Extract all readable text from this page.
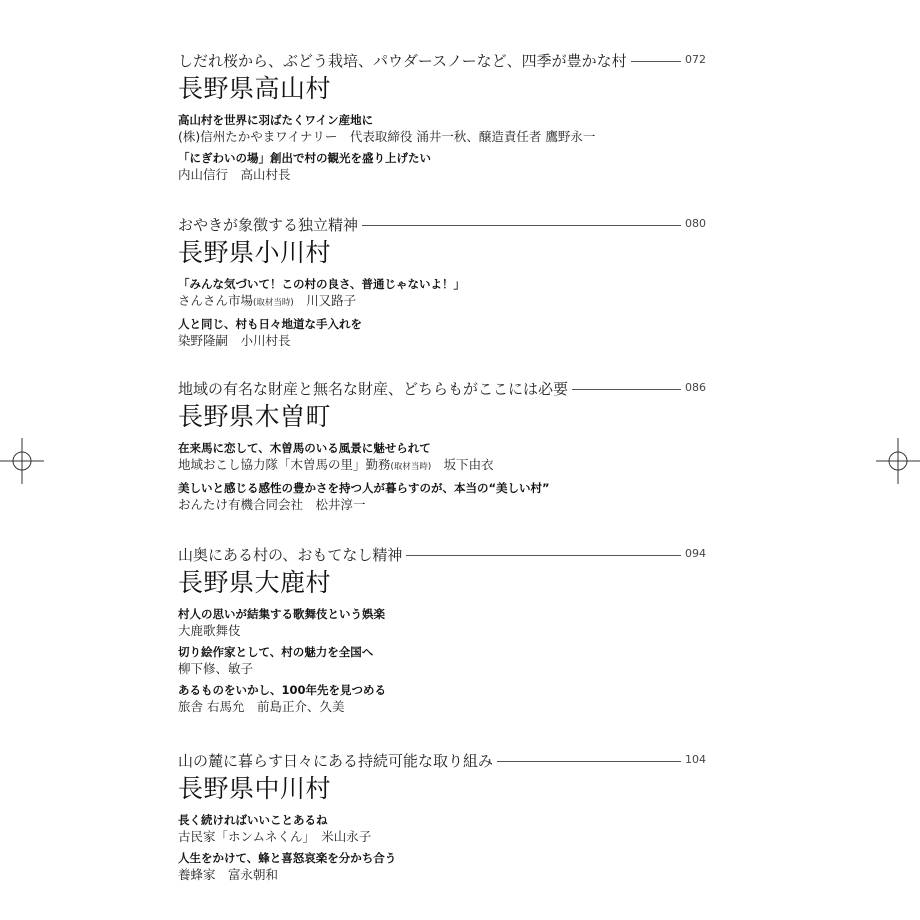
しだれ桜から、ぶどう栽培、パウダースノーなど、四季が豊かな村	072
長野県高山村
高山村を世界に羽ばたくワイン産地に
(株)信州たかやまワイナリー　代表取締役 涌井一秋、醸造責任者 鷹野永一
「にぎわいの場」創出で村の観光を盛り上げたい
内山信行　高山村長
おやきが象徴する独立精神	080
長野県小川村
「みんな気づいて！この村の良さ、普通じゃないよ！」
さんさん市場(取材当時)　川又路子
人と同じ、村も日々地道な手入れを
染野隆嗣　小川村長
地域の有名な財産と無名な財産、どちらもがここには必要	086
長野県木曽町
在来馬に恋して、木曽馬のいる風景に魅せられて
地域おこし協力隊「木曽馬の里」勤務(取材当時)　坂下由衣
美しいと感じる感性の豊かさを持つ人が暮らすのが、本当の“美しい村”
おんたけ有機合同会社　松井淳一
山奥にある村の、おもてなし精神	094
長野県大鹿村
村人の思いが結集する歌舞伎という娯楽
大鹿歌舞伎
切り絵作家として、村の魅力を全国へ
柳下修、敏子
あるものをいかし、100年先を見つめる
旅舎 右馬允　前島正介、久美
山の麓に暮らす日々にある持続可能な取り組み	104
長野県中川村
長く続ければいいことあるね
古民家「ホンムネくん」　米山永子
人生をかけて、蜂と喜怒哀楽を分かち合う
養蜂家　富永朝和
